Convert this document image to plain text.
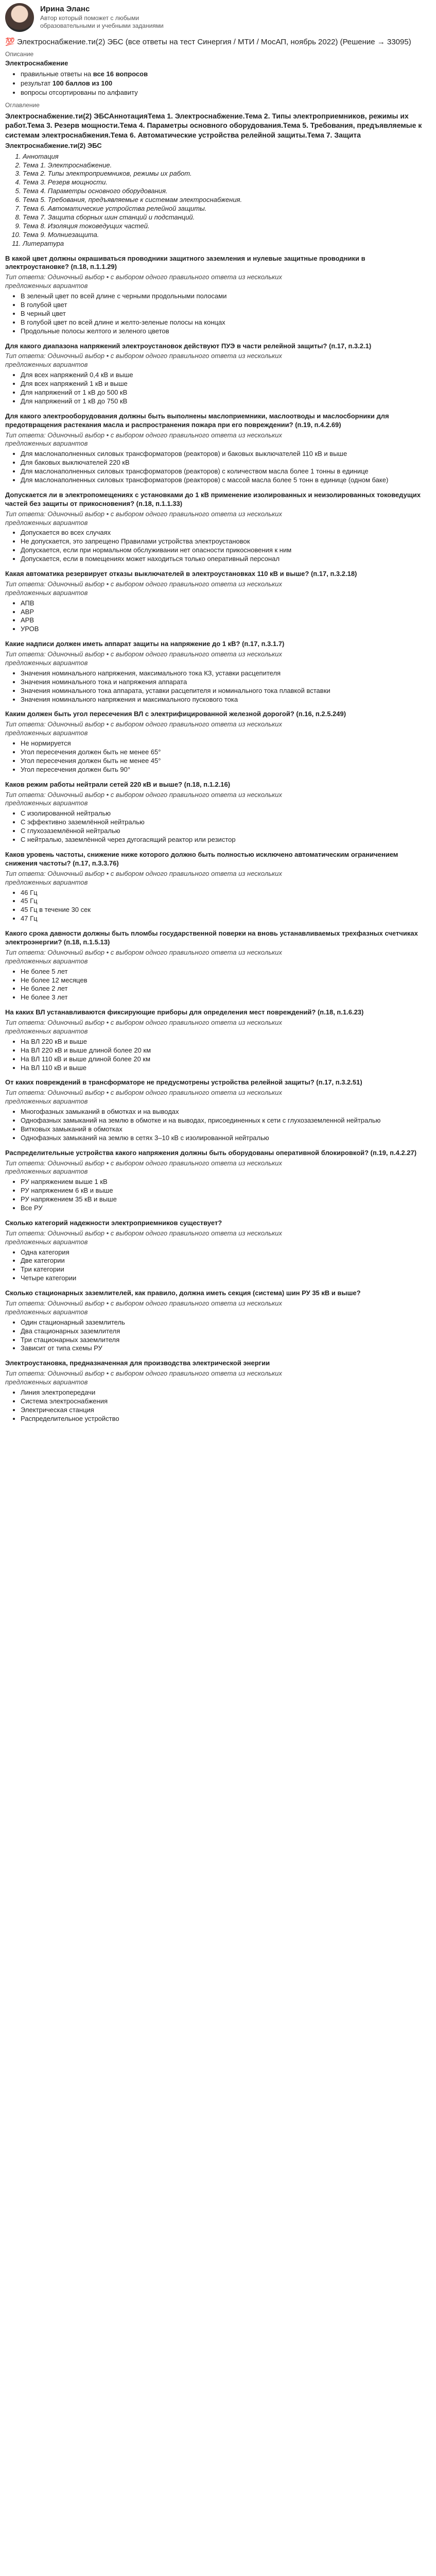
Ирина Эланс
Автор который поможет с любыми образовательными и учебными заданиями
💯 Электроснабжение.ти(2) ЭБС (все ответы на тест Синергия / МТИ / МосАП, ноябрь 2022) (Решение → 33095)
Описание
Электроснабжение
• правильные ответы на все 16 вопросов
• результат 100 баллов из 100
• вопросы отсортированы по алфавиту
Оглавление
Электроснабжение.ти(2) ЭБСАннотацияТема 1. Электроснабжение.Тема 2. Типы электроприемников, режимы их работ.Тема 3. Резерв мощности.Тема 4. Параметры основного оборудования.Тема 5. Требования, предъявляемые к системам электроснабжения.Тема 6. Автоматические устройства релейной защиты.Тема 7. Защита
Электроснабжение.ти(2) ЭБС
1. Аннотация
2. Тема 1. Электроснабжение.
3. Тема 2. Типы электроприемников, режимы их работ.
4. Тема 3. Резерв мощности.
5. Тема 4. Параметры основного оборудования.
6. Тема 5. Требования, предъявляемые к системам электроснабжения.
7. Тема 6. Автоматические устройства релейной защиты.
8. Тема 7. Защита сборных шин станций и подстанций.
9. Тема 8. Изоляция токоведущих частей.
10. Тема 9. Молниезащита.
11. Литература
В какой цвет должны окрашиваться проводники защитного заземления и нулевые защитные проводники в электроустановке? (п.18, п.1.1.29)
Тип ответа: Одиночный выбор • с выбором одного правильного ответа из нескольких предложенных вариантов
• В зеленый цвет по всей длине с черными продольными полосами
• В голубой цвет
• В черный цвет
• В голубой цвет по всей длине и желто-зеленые полосы на концах
• Продольные полосы желтого и зеленого цветов
Для какого диапазона напряжений электроустановок действуют ПУЭ в части релейной защиты? (п.17, п.3.2.1)
Тип ответа: Одиночный выбор • с выбором одного правильного ответа из нескольких предложенных вариантов
• Для всех напряжений 0,4 кВ и выше
• Для всех напряжений 1 кВ и выше
• Для напряжений от 1 кВ до 500 кВ
• Для напряжений от 1 кВ до 750 кВ
Для какого электрооборудования должны быть выполнены маслоприемники, маслоотводы и маслосборники для предотвращения растекания масла и распространения пожара при его повреждении? (п.19, п.4.2.69)
Тип ответа: Одиночный выбор • с выбором одного правильного ответа из нескольких предложенных вариантов
• Для маслонаполненных силовых трансформаторов (реакторов) и баковых выключателей 110 кВ и выше
• Для баковых выключателей 220 кВ
• Для маслонаполненных силовых трансформаторов (реакторов) с количеством масла более 1 тонны в единице
• Для маслонаполненных силовых трансформаторов (реакторов) с массой масла более 5 тонн в единице (одном баке)
Допускается ли в электропомещениях с установками до 1 кВ применение изолированных и неизолированных токоведущих частей без защиты от прикосновения? (п.18, п.1.1.33)
Тип ответа: Одиночный выбор • с выбором одного правильного ответа из нескольких предложенных вариантов
• Допускается во всех случаях
• Не допускается, это запрещено Правилами устройства электроустановок
• Допускается, если при нормальном обслуживании нет опасности прикосновения к ним
• Допускается, если в помещениях может находиться только оперативный персонал
Какая автоматика резервирует отказы выключателей в электроустановках 110 кВ и выше? (п.17, п.3.2.18)
Тип ответа: Одиночный выбор • с выбором одного правильного ответа из нескольких предложенных вариантов
• АПВ
• АВР
• АРВ
• УРОВ
Какие надписи должен иметь аппарат защиты на напряжение до 1 кВ? (п.17, п.3.1.7)
Тип ответа: Одиночный выбор • с выбором одного правильного ответа из нескольких предложенных вариантов
• Значения номинального напряжения, максимального тока КЗ, уставки расцепителя
• Значения номинального тока и напряжения аппарата
• Значения номинального тока аппарата, уставки расцепителя и номинального тока плавкой вставки
• Значения номинального напряжения и максимального пускового тока
Каким должен быть угол пересечения ВЛ с электрифицированной железной дорогой? (п.16, п.2.5.249)
Тип ответа: Одиночный выбор • с выбором одного правильного ответа из нескольких предложенных вариантов
• Не нормируется
• Угол пересечения должен быть не менее 65°
• Угол пересечения должен быть не менее 45°
• Угол пересечения должен быть 90°
Каков режим работы нейтрали сетей 220 кВ и выше? (п.18, п.1.2.16)
Тип ответа: Одиночный выбор • с выбором одного правильного ответа из нескольких предложенных вариантов
• С изолированной нейтралью
• С эффективно заземлённой нейтралью
• С глухозаземлённой нейтралью
• С нейтралью, заземлённой через дугогасящий реактор или резистор
Каков уровень частоты, снижение ниже которого должно быть полностью исключено автоматическим ограничением снижения частоты? (п.17, п.3.3.76)
Тип ответа: Одиночный выбор • с выбором одного правильного ответа из нескольких предложенных вариантов
• 46 Гц
• 45 Гц
• 45 Гц в течение 30 сек
• 47 Гц
Какого срока давности должны быть пломбы государственной поверки на вновь устанавливаемых трехфазных счетчиках электроэнергии? (п.18, п.1.5.13)
Тип ответа: Одиночный выбор • с выбором одного правильного ответа из нескольких предложенных вариантов
• Не более 5 лет
• Не более 12 месяцев
• Не более 2 лет
• Не более 3 лет
На каких ВЛ устанавливаются фиксирующие приборы для определения мест повреждений? (п.18, п.1.6.23)
Тип ответа: Одиночный выбор • с выбором одного правильного ответа из нескольких предложенных вариантов
• На ВЛ 220 кВ и выше
• На ВЛ 220 кВ и выше длиной более 20 км
• На ВЛ 110 кВ и выше длиной более 20 км
• На ВЛ 110 кВ и выше
От каких повреждений в трансформаторе не предусмотрены устройства релейной защиты? (п.17, п.3.2.51)
Тип ответа: Одиночный выбор • с выбором одного правильного ответа из нескольких предложенных вариантов
• Многофазных замыканий в обмотках и на выводах
• Однофазных замыканий на землю в обмотке и на выводах, присоединенных к сети с глухозаземленной нейтралью
• Витковых замыканий в обмотках
• Однофазных замыканий на землю в сетях 3–10 кВ с изолированной нейтралью
Распределительные устройства какого напряжения должны быть оборудованы оперативной блокировкой? (п.19, п.4.2.27)
Тип ответа: Одиночный выбор • с выбором одного правильного ответа из нескольких предложенных вариантов
• РУ напряжением выше 1 кВ
• РУ напряжением 6 кВ и выше
• РУ напряжением 35 кВ и выше
• Все РУ
Сколько категорий надежности электроприемников существует?
Тип ответа: Одиночный выбор • с выбором одного правильного ответа из нескольких предложенных вариантов
• Одна категория
• Две категории
• Три категории
• Четыре категории
Сколько стационарных заземлителей, как правило, должна иметь секция (система) шин РУ 35 кВ и выше?
Тип ответа: Одиночный выбор • с выбором одного правильного ответа из нескольких предложенных вариантов
• Один стационарный заземлитель
• Два стационарных заземлителя
• Три стационарных заземлителя
• Зависит от типа схемы РУ
Электроустановка, предназначенная для производства электрической энергии
Тип ответа: Одиночный выбор • с выбором одного правильного ответа из нескольких предложенных вариантов
• Линия электропередачи
• Система электроснабжения
• Электрическая станция
• Распределительное устройство
